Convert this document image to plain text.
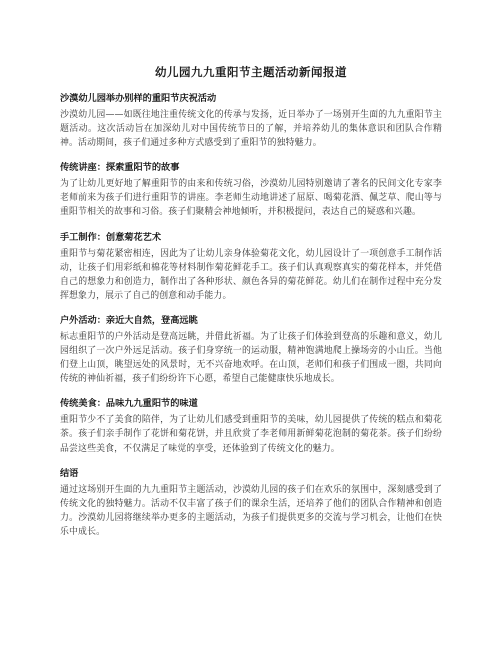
幼儿园九九重阳节主题活动新闻报道
沙漠幼儿园举办别样的重阳节庆祝活动

沙漠幼儿园——如既往地注重传统文化的传承与发扬，近日举办了一场别开生面的九九重阳节主题活动。这次活动旨在加深幼儿对中国传统节日的了解，并培养幼儿的集体意识和团队合作精神。活动期间，孩子们通过多种方式感受到了重阳节的独特魅力。

传统讲座：探索重阳节的故事

为了让幼儿更好地了解重阳节的由来和传统习俗，沙漠幼儿园特别邀请了著名的民间文化专家李老师前来为孩子们进行重阳节的讲座。李老师生动地讲述了屈原、喝菊花酒、佩芝草、爬山等与重阳节相关的故事和习俗。孩子们聚精会神地倾听，并积极提问，表达自己的疑惑和兴趣。

手工制作：创意菊花艺术

重阳节与菊花紧密相连，因此为了让幼儿亲身体验菊花文化，幼儿园设计了一项创意手工制作活动，让孩子们用彩纸和棉花等材料制作菊花鲜花手工。孩子们认真观察真实的菊花样本，并凭借自己的想象力和创造力，制作出了各种形状、颜色各异的菊花鲜花。幼儿们在制作过程中充分发挥想象力，展示了自己的创意和动手能力。

户外活动：亲近大自然，登高远眺

标志重阳节的户外活动是登高远眺，并借此祈福。为了让孩子们体验到登高的乐趣和意义，幼儿园组织了一次户外远足活动。孩子们身穿统一的运动服，精神饱满地爬上操场旁的小山丘。当他们登上山顶，眺望远处的风景时，无不兴奋地欢呼。在山顶，老师们和孩子们围成一圈，共同向传统的神仙祈福，孩子们纷纷许下心愿，希望自己能健康快乐地成长。

传统美食：品味九九重阳节的味道

重阳节少不了美食的陪伴，为了让幼儿们感受到重阳节的美味，幼儿园提供了传统的糕点和菊花茶。孩子们亲手制作了花饼和菊花饼，并且欣赏了李老师用新鲜菊花泡制的菊花茶。孩子们纷纷品尝这些美食，不仅满足了味觉的享受，还体验到了传统文化的魅力。

结语

通过这场别开生面的九九重阳节主题活动，沙漠幼儿园的孩子们在欢乐的氛围中，深刻感受到了传统文化的独特魅力。活动不仅丰富了孩子们的课余生活，还培养了他们的团队合作精神和创造力。沙漠幼儿园将继续举办更多的主题活动，为孩子们提供更多的交流与学习机会，让他们在快乐中成长。
